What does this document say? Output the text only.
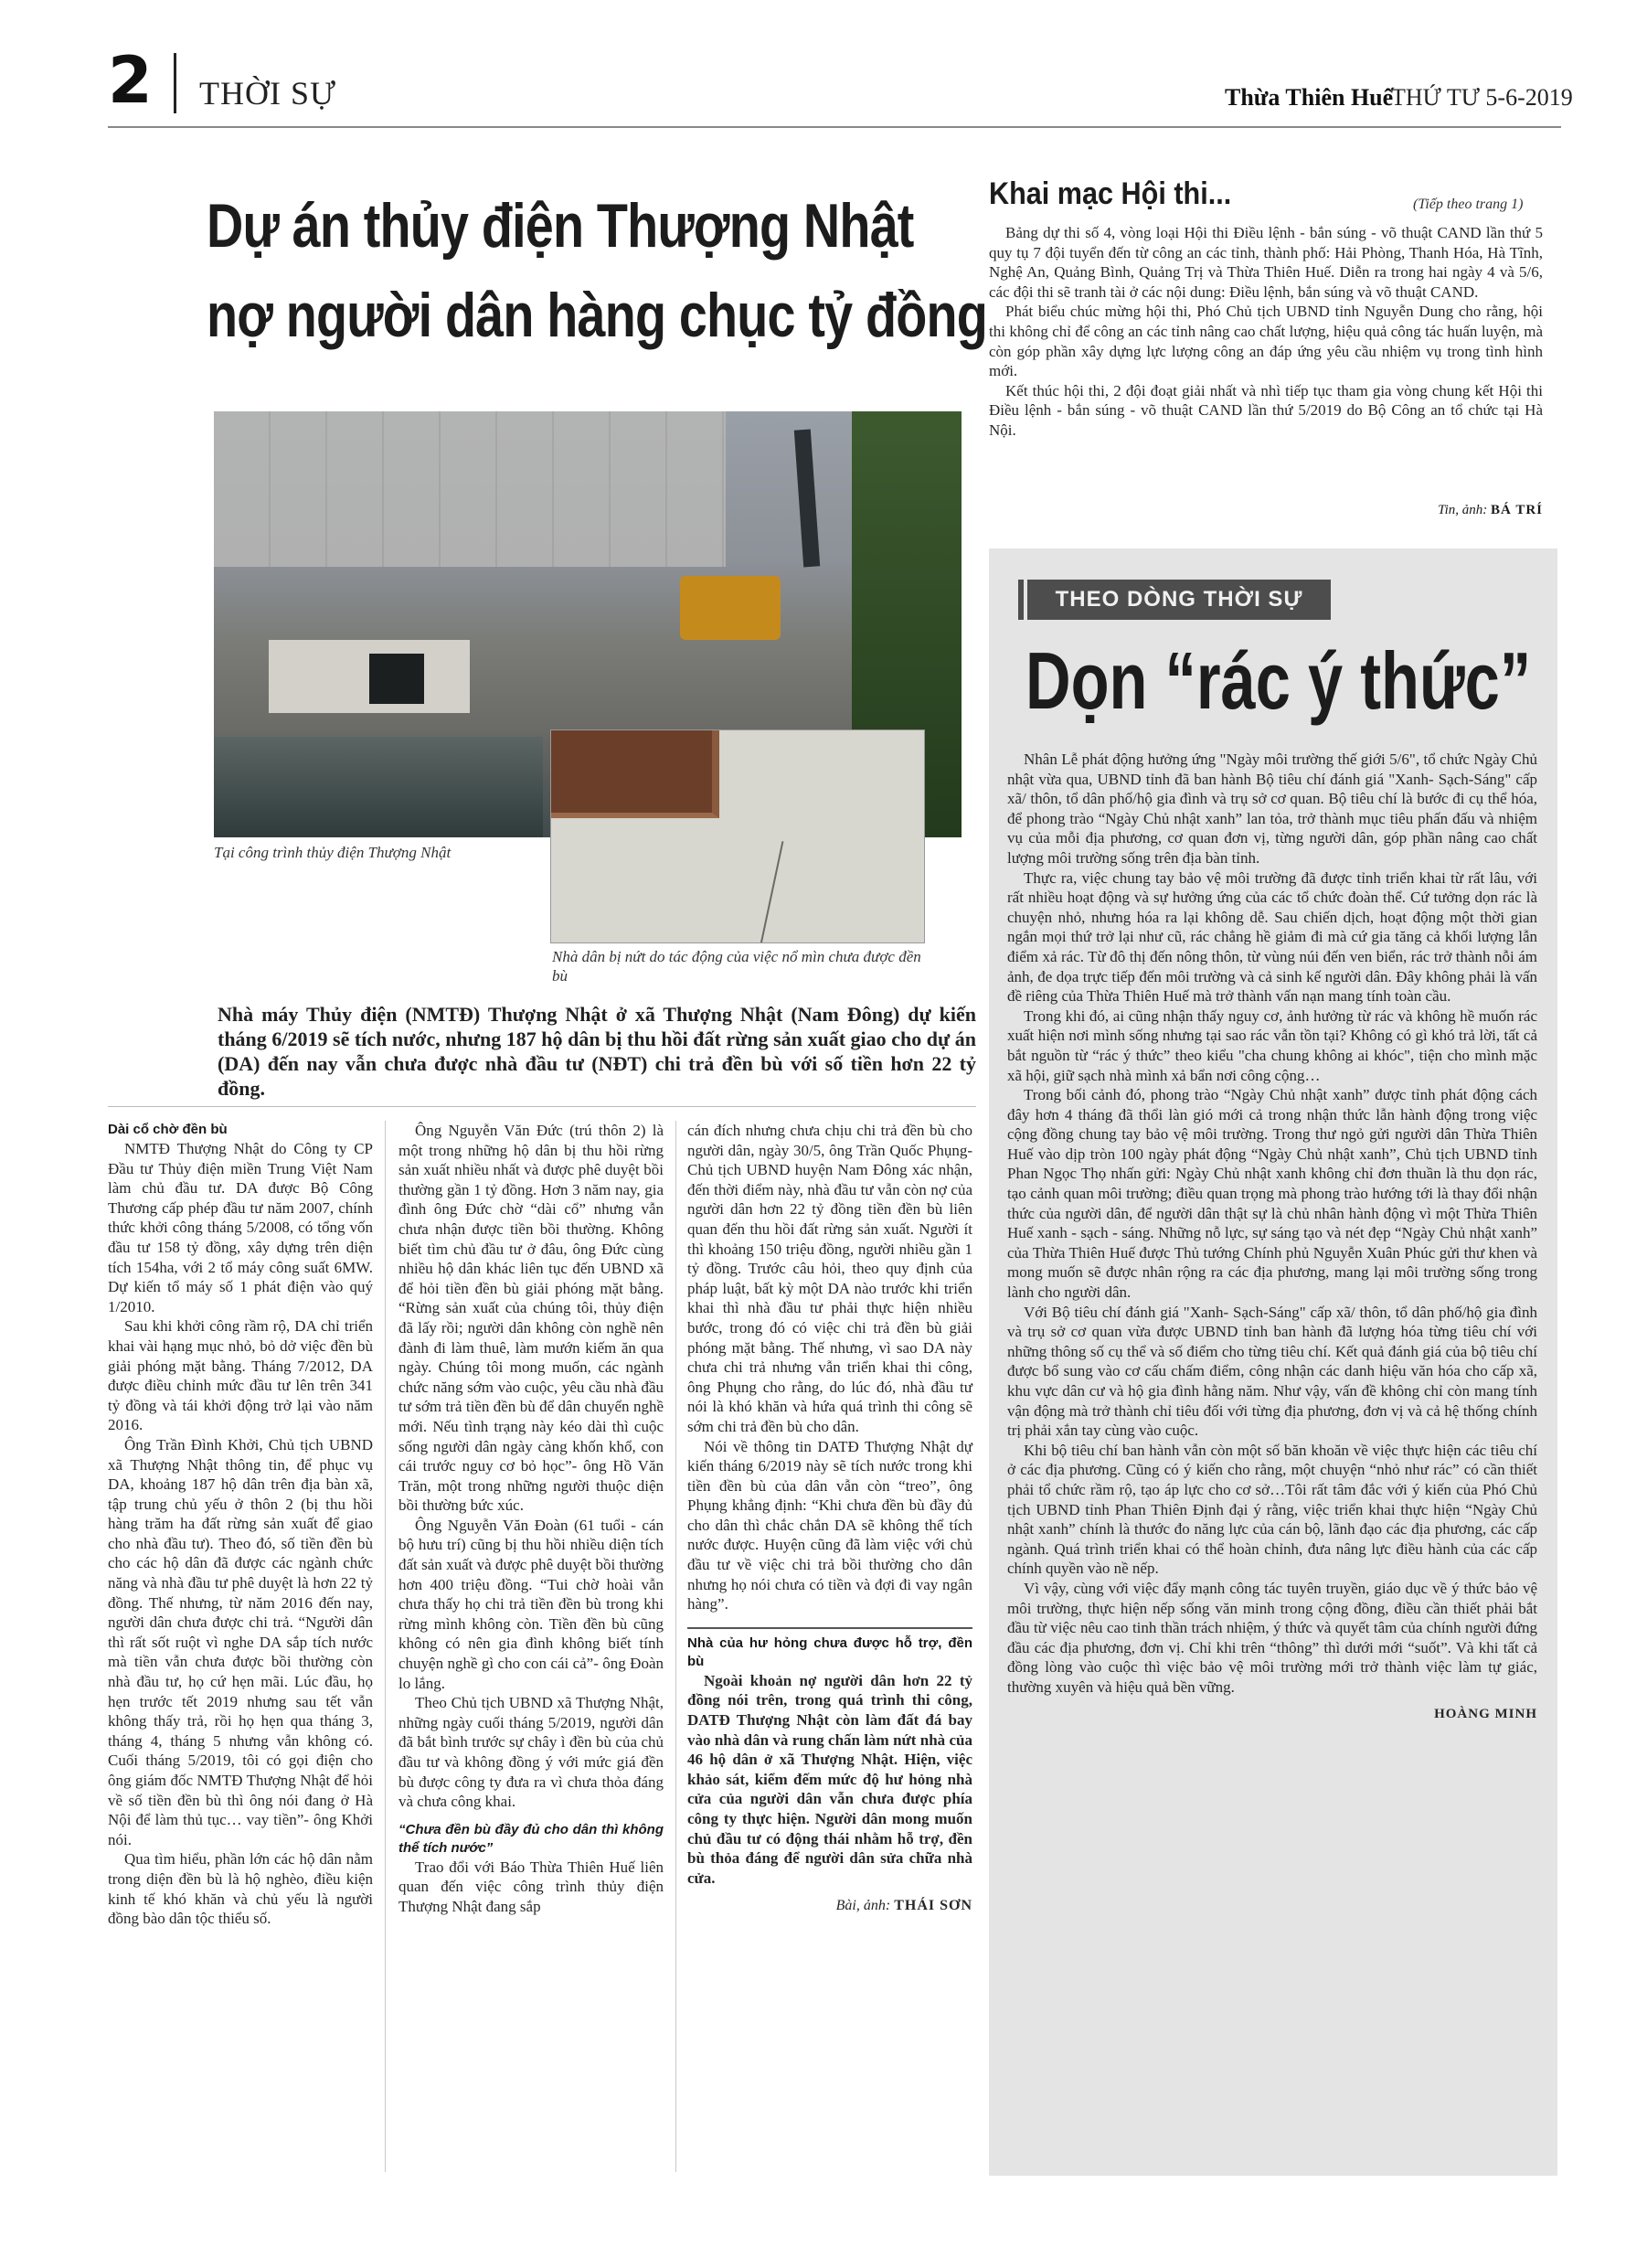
2 THỜI SỰ	Thừa Thiên Huế
THỨ TƯ 5-6-2019
Dự án thủy điện Thượng Nhật
nợ người dân hàng chục tỷ đồng
Tại công trình thủy điện Thượng Nhật
Nhà dân bị nứt do tác động của việc nổ mìn chưa được đền bù
Nhà máy Thủy điện (NMTĐ) Thượng Nhật ở xã Thượng Nhật (Nam Đông) dự kiến tháng 6/2019 sẽ tích nước, nhưng 187 hộ dân bị thu hồi đất rừng sản xuất giao cho dự án (DA) đến nay vẫn chưa được nhà đầu tư (NĐT) chi trả đền bù với số tiền hơn 22 tỷ đồng.

Dài cổ chờ đền bù

NMTĐ Thượng Nhật do Công ty CP Đầu tư Thủy điện miền Trung Việt Nam làm chủ đầu tư. DA được Bộ Công Thương cấp phép đầu tư năm 2007, chính thức khởi công tháng 5/2008, có tổng vốn đầu tư 158 tỷ đồng, xây dựng trên diện tích 154ha, với 2 tổ máy công suất 6MW. Dự kiến tổ máy số 1 phát điện vào quý 1/2010.

Sau khi khởi công rầm rộ, DA chỉ triển khai vài hạng mục nhỏ, bỏ dở việc đền bù giải phóng mặt bằng. Tháng 7/2012, DA được điều chỉnh mức đầu tư lên trên 341 tỷ đồng và tái khởi động trở lại vào năm 2016.

Ông Trần Đình Khởi, Chủ tịch UBND xã Thượng Nhật thông tin, để phục vụ DA, khoảng 187 hộ dân trên địa bàn xã, tập trung chủ yếu ở thôn 2 (bị thu hồi hàng trăm ha đất rừng sản xuất để giao cho nhà đầu tư). Theo đó, số tiền đền bù cho các hộ dân đã được các ngành chức năng và nhà đầu tư phê duyệt là hơn 22 tỷ đồng. Thế nhưng, từ năm 2016 đến nay, người dân chưa được chi trả. “Người dân thì rất sốt ruột vì nghe DA sắp tích nước mà tiền vẫn chưa được bồi thường còn nhà đầu tư, họ cứ hẹn mãi. Lúc đầu, họ hẹn trước tết 2019 nhưng sau tết vẫn không thấy trả, rồi họ hẹn qua tháng 3, tháng 4, tháng 5 nhưng vẫn không có. Cuối tháng 5/2019, tôi có gọi điện cho ông giám đốc NMTĐ Thượng Nhật để hỏi về số tiền đền bù thì ông nói đang ở Hà Nội để làm thủ tục… vay tiền”- ông Khởi nói.

Qua tìm hiểu, phần lớn các hộ dân nằm trong diện đền bù là hộ nghèo, điều kiện kinh tế khó khăn và chủ yếu là người đồng bào dân tộc thiểu số.

Ông Nguyễn Văn Đức (trú thôn 2) là một trong những hộ dân bị thu hồi rừng sản xuất nhiều nhất và được phê duyệt bồi thường gần 1 tỷ đồng. Hơn 3 năm nay, gia đình ông Đức chờ “dài cổ” nhưng vẫn chưa nhận được tiền bồi thường. Không biết tìm chủ đầu tư ở đâu, ông Đức cùng nhiều hộ dân khác liên tục đến UBND xã để hỏi tiền đền bù giải phóng mặt bằng. “Rừng sản xuất của chúng tôi, thủy điện đã lấy rồi; người dân không còn nghề nên đành đi làm thuê, làm mướn kiếm ăn qua ngày. Chúng tôi mong muốn, các ngành chức năng sớm vào cuộc, yêu cầu nhà đầu tư sớm trả tiền đền bù để dân chuyển nghề mới. Nếu tình trạng này kéo dài thì cuộc sống người dân ngày càng khốn khổ, con cái trước nguy cơ bỏ học”- ông Hồ Văn Trăn, một trong những người thuộc diện bồi thường bức xúc.

Ông Nguyễn Văn Đoàn (61 tuổi - cán bộ hưu trí) cũng bị thu hồi nhiều diện tích đất sản xuất và được phê duyệt bồi thường hơn 400 triệu đồng. “Tui chờ hoài vẫn chưa thấy họ chi trả tiền đền bù trong khi rừng mình không còn. Tiền đền bù cũng không có nên gia đình không biết tính chuyện nghề gì cho con cái cả”- ông Đoàn lo lắng.

Theo Chủ tịch UBND xã Thượng Nhật, những ngày cuối tháng 5/2019, người dân đã bắt bình trước sự chây ì đền bù của chủ đầu tư và không đồng ý với mức giá đền bù được công ty đưa ra vì chưa thỏa đáng và chưa công khai.

“Chưa đền bù đầy đủ cho dân thì không thể tích nước”

Trao đổi với Báo Thừa Thiên Huế liên quan đến việc công trình thủy điện Thượng Nhật đang sắp

cán đích nhưng chưa chịu chi trả đền bù cho người dân, ngày 30/5, ông Trần Quốc Phụng- Chủ tịch UBND huyện Nam Đông xác nhận, đến thời điểm này, nhà đầu tư vẫn còn nợ của người dân hơn 22 tỷ đồng tiền đền bù liên quan đến thu hồi đất rừng sản xuất. Người ít thì khoảng 150 triệu đồng, người nhiều gần 1 tỷ đồng. Trước câu hỏi, theo quy định của pháp luật, bất kỳ một DA nào trước khi triển khai thì nhà đầu tư phải thực hiện nhiều bước, trong đó có việc chi trả đền bù giải phóng mặt bằng. Thế nhưng, vì sao DA này chưa chi trả nhưng vẫn triển khai thi công, ông Phụng cho rằng, do lúc đó, nhà đầu tư nói là khó khăn và hứa quá trình thi công sẽ sớm chi trả đền bù cho dân.

Nói về thông tin DATĐ Thượng Nhật dự kiến tháng 6/2019 này sẽ tích nước trong khi tiền đền bù của dân vẫn còn “treo”, ông Phụng khẳng định: “Khi chưa đền bù đầy đủ cho dân thì chắc chắn DA sẽ không thể tích nước được. Huyện cũng đã làm việc với chủ đầu tư về việc chi trả bồi thường cho dân nhưng họ nói chưa có tiền và đợi đi vay ngân hàng”.

Nhà của hư hỏng chưa được hỗ trợ, đền bù

Ngoài khoản nợ người dân hơn 22 tỷ đồng nói trên, trong quá trình thi công, DATĐ Thượng Nhật còn làm đất đá bay vào nhà dân và rung chấn làm nứt nhà của 46 hộ dân ở xã Thượng Nhật. Hiện, việc khảo sát, kiểm đếm mức độ hư hỏng nhà cửa của người dân vẫn chưa được phía công ty thực hiện. Người dân mong muốn chủ đầu tư có động thái nhằm hỗ trợ, đền bù thỏa đáng để người dân sửa chữa nhà cửa.

Bài, ảnh: THÁI SƠN
Khai mạc Hội thi...	(Tiếp theo trang 1)

Bảng dự thi số 4, vòng loại Hội thi Điều lệnh - bắn súng - võ thuật CAND lần thứ 5 quy tụ 7 đội tuyển đến từ công an các tỉnh, thành phố: Hải Phòng, Thanh Hóa, Hà Tĩnh, Nghệ An, Quảng Bình, Quảng Trị và Thừa Thiên Huế. Diễn ra trong hai ngày 4 và 5/6, các đội thi sẽ tranh tài ở các nội dung: Điều lệnh, bắn súng và võ thuật CAND.

Phát biểu chúc mừng hội thi, Phó Chủ tịch UBND tỉnh Nguyễn Dung cho rằng, hội thi không chỉ để công an các tỉnh nâng cao chất lượng, hiệu quả công tác huấn luyện, mà còn góp phần xây dựng lực lượng công an đáp ứng yêu cầu nhiệm vụ trong tình hình mới.

Kết thúc hội thi, 2 đội đoạt giải nhất và nhì tiếp tục tham gia vòng chung kết Hội thi Điều lệnh - bắn súng - võ thuật CAND lần thứ 5/2019 do Bộ Công an tổ chức tại Hà Nội.

Tin, ảnh: BÁ TRÍ
THEO DÒNG THỜI SỰ
Dọn “rác ý thức”

Nhân Lễ phát động hưởng ứng "Ngày môi trường thế giới 5/6", tổ chức Ngày Chủ nhật vừa qua, UBND tỉnh đã ban hành Bộ tiêu chí đánh giá "Xanh- Sạch-Sáng" cấp xã/ thôn, tổ dân phố/hộ gia đình và trụ sở cơ quan. Bộ tiêu chí là bước đi cụ thể hóa, để phong trào “Ngày Chủ nhật xanh” lan tỏa, trở thành mục tiêu phấn đấu và nhiệm vụ của mỗi địa phương, cơ quan đơn vị, từng người dân, góp phần nâng cao chất lượng môi trường sống trên địa bàn tỉnh.

Thực ra, việc chung tay bảo vệ môi trường đã được tỉnh triển khai từ rất lâu, với rất nhiều hoạt động và sự hưởng ứng của các tổ chức đoàn thể. Cứ tưởng dọn rác là chuyện nhỏ, nhưng hóa ra lại không dễ. Sau chiến dịch, hoạt động một thời gian ngắn mọi thứ trở lại như cũ, rác chẳng hề giảm đi mà cứ gia tăng cả khối lượng lẫn điểm xả rác. Từ đô thị đến nông thôn, từ vùng núi đến ven biển, rác trở thành nỗi ám ảnh, đe dọa trực tiếp đến môi trường và cả sinh kế người dân. Đây không phải là vấn đề riêng của Thừa Thiên Huế mà trở thành vấn nạn mang tính toàn cầu.

Trong khi đó, ai cũng nhận thấy nguy cơ, ảnh hưởng từ rác và không hề muốn rác xuất hiện nơi mình sống nhưng tại sao rác vẫn tồn tại? Không có gì khó trả lời, tất cả bắt nguồn từ “rác ý thức” theo kiểu "cha chung không ai khóc", tiện cho mình mặc xã hội, giữ sạch nhà mình xả bẩn nơi công cộng…

Trong bối cảnh đó, phong trào “Ngày Chủ nhật xanh” được tỉnh phát động cách đây hơn 4 tháng đã thổi làn gió mới cả trong nhận thức lẫn hành động trong việc cộng đồng chung tay bảo vệ môi trường. Trong thư ngỏ gửi người dân Thừa Thiên Huế vào dịp tròn 100 ngày phát động “Ngày Chủ nhật xanh”, Chủ tịch UBND tỉnh Phan Ngọc Thọ nhấn gửi: Ngày Chủ nhật xanh không chỉ đơn thuần là thu dọn rác, tạo cảnh quan môi trường; điều quan trọng mà phong trào hướng tới là thay đổi nhận thức của người dân, để người dân thật sự là chủ nhân hành động vì một Thừa Thiên Huế xanh - sạch - sáng. Những nỗ lực, sự sáng tạo và nét đẹp “Ngày Chủ nhật xanh” của Thừa Thiên Huế được Thủ tướng Chính phủ Nguyễn Xuân Phúc gửi thư khen và mong muốn sẽ được nhân rộng ra các địa phương, mang lại môi trường sống trong lành cho người dân.

Với Bộ tiêu chí đánh giá "Xanh- Sạch-Sáng" cấp xã/ thôn, tổ dân phố/hộ gia đình và trụ sở cơ quan vừa được UBND tỉnh ban hành đã lượng hóa từng tiêu chí với những thông số cụ thể và số điểm cho từng tiêu chí. Kết quả đánh giá của bộ tiêu chí được bổ sung vào cơ cấu chấm điểm, công nhận các danh hiệu văn hóa cho cấp xã, khu vực dân cư và hộ gia đình hằng năm. Như vậy, vấn đề không chỉ còn mang tính vận động mà trở thành chỉ tiêu đối với từng địa phương, đơn vị và cả hệ thống chính trị phải xắn tay cùng vào cuộc.

Khi bộ tiêu chí ban hành vẫn còn một số băn khoăn về việc thực hiện các tiêu chí ở các địa phương. Cũng có ý kiến cho rằng, một chuyện “nhỏ như rác” có cần thiết phải tổ chức rầm rộ, tạo áp lực cho cơ sở…Tôi rất tâm đắc với ý kiến của Phó Chủ tịch UBND tỉnh Phan Thiên Định đại ý rằng, việc triển khai thực hiện “Ngày Chủ nhật xanh” chính là thước đo năng lực của cán bộ, lãnh đạo các địa phương, các cấp ngành. Quá trình triển khai có thể hoàn chỉnh, đưa nâng lực điều hành của các cấp chính quyền vào nề nếp.

Vì vậy, cùng với việc đẩy mạnh công tác tuyên truyền, giáo dục về ý thức bảo vệ môi trường, thực hiện nếp sống văn minh trong cộng đồng, điều cần thiết phải bắt đầu từ việc nêu cao tinh thần trách nhiệm, ý thức và quyết tâm của chính người đứng đầu các địa phương, đơn vị. Chỉ khi trên “thông” thì dưới mới “suốt”. Và khi tất cả đồng lòng vào cuộc thì việc bảo vệ môi trường mới trở thành việc làm tự giác, thường xuyên và hiệu quả bền vững.

HOÀNG MINH
